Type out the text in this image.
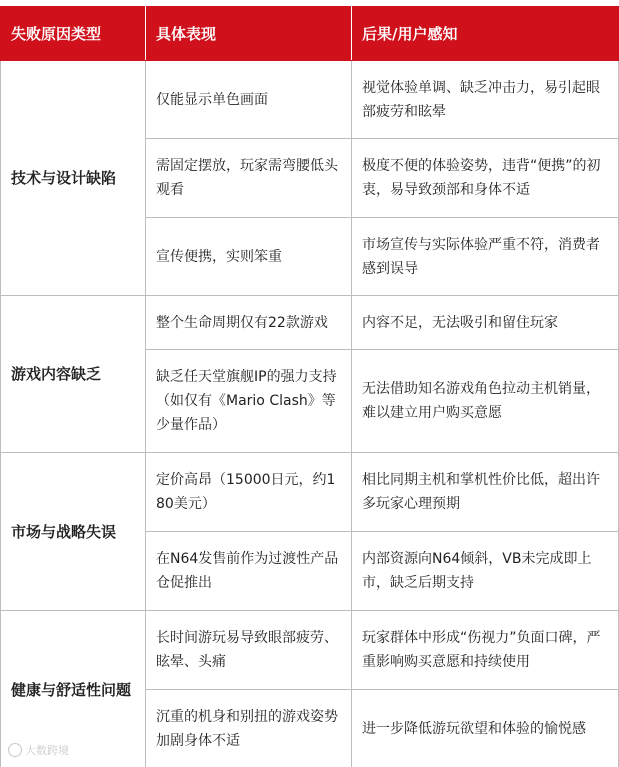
失败原因类型	具体表现	后果/用户感知
技术与设计缺陷	仅能显示单色画面	视觉体验单调、缺乏冲击力，易引起眼部疲劳和眩晕
	需固定摆放，玩家需弯腰低头观看	极度不便的体验姿势，违背“便携”的初衷，易导致颈部和身体不适
	宣传便携，实则笨重	市场宣传与实际体验严重不符，消费者感到误导
游戏内容缺乏	整个生命周期仅有22款游戏	内容不足，无法吸引和留住玩家
	缺乏任天堂旗舰IP的强力支持（如仅有《Mario Clash》等少量作品）	无法借助知名游戏角色拉动主机销量，难以建立用户购买意愿
市场与战略失误	定价高昂（15000日元，约180美元）	相比同期主机和掌机性价比低，超出许多玩家心理预期
	在N64发售前作为过渡性产品仓促推出	内部资源向N64倾斜，VB未完成即上市，缺乏后期支持
健康与舒适性问题	长时间游玩易导致眼部疲劳、眩晕、头痛	玩家群体中形成“伤视力”负面口碑，严重影响购买意愿和持续使用
	沉重的机身和别扭的游戏姿势加剧身体不适	进一步降低游玩欲望和体验的愉悦感
大数跨境
